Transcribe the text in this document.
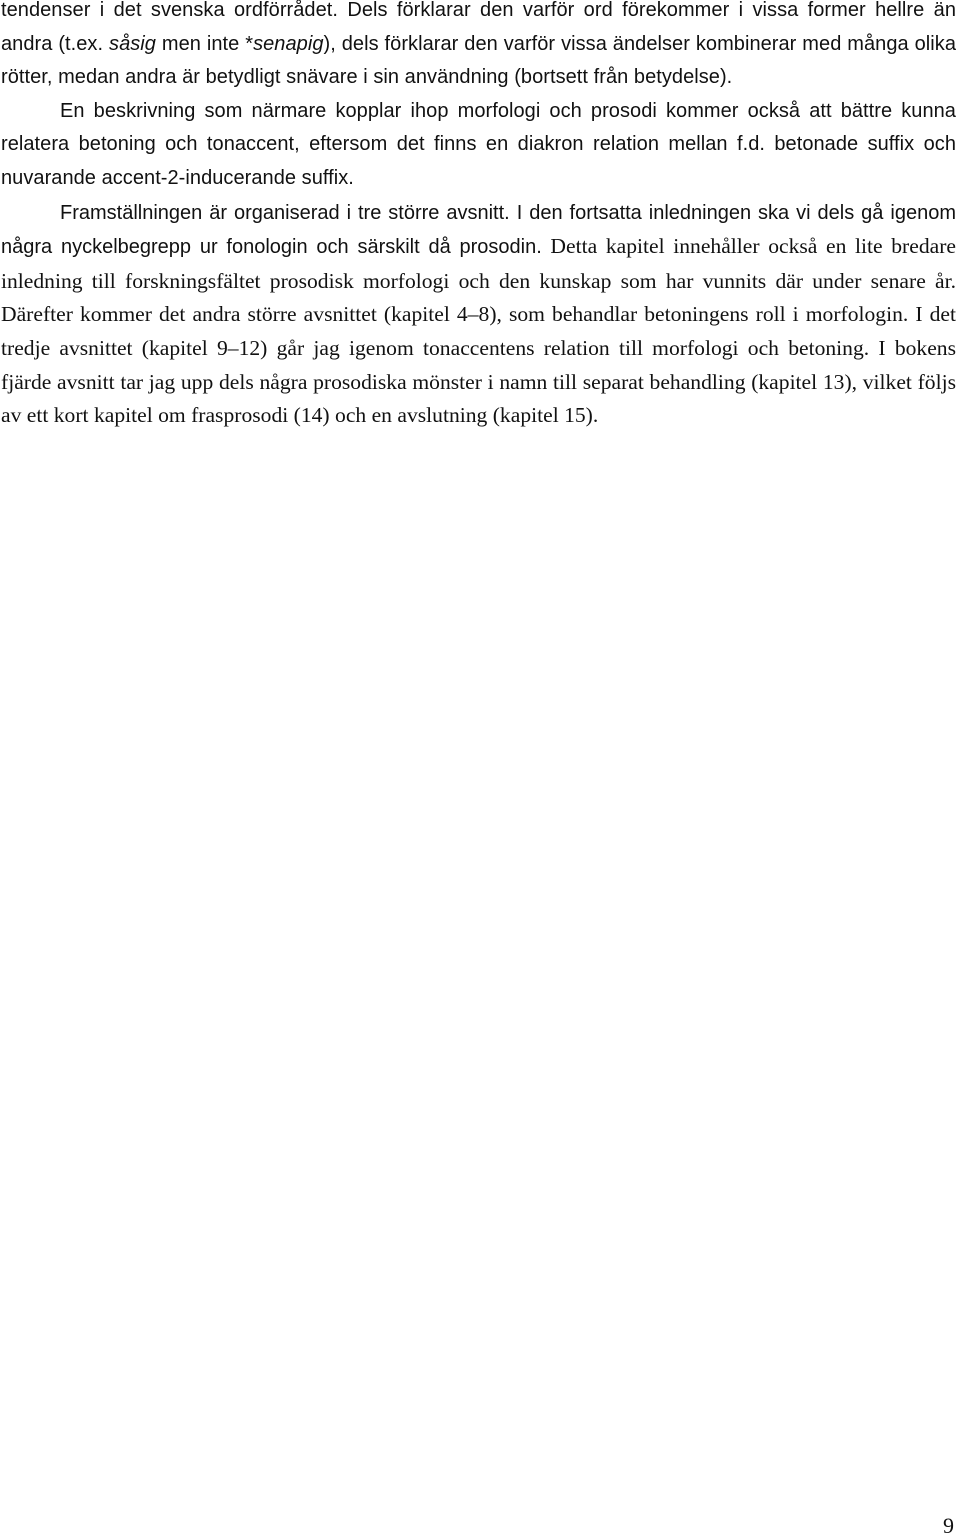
tendenser i det svenska ordförrådet. Dels förklarar den varför ord förekommer i vissa former hellre än andra (t.ex. såsig men inte *senapig), dels förklarar den varför vissa ändelser kombinerar med många olika rötter, medan andra är betydligt snävare i sin användning (bortsett från betydelse).

En beskrivning som närmare kopplar ihop morfologi och prosodi kommer också att bättre kunna relatera betoning och tonaccent, eftersom det finns en diakron relation mellan f.d. betonade suffix och nuvarande accent-2-inducerande suffix.

Framställningen är organiserad i tre större avsnitt. I den fortsatta inledningen ska vi dels gå igenom några nyckelbegrepp ur fonologin och särskilt då prosodin. Detta kapitel innehåller också en lite bredare inledning till forskningsfältet prosodisk morfologi och den kunskap som har vunnits där under senare år. Därefter kommer det andra större avsnittet (kapitel 4–8), som behandlar betoningens roll i morfologin. I det tredje avsnittet (kapitel 9–12) går jag igenom tonaccentens relation till morfologi och betoning. I bokens fjärde avsnitt tar jag upp dels några prosodiska mönster i namn till separat behandling (kapitel 13), vilket följs av ett kort kapitel om frasprosodi (14) och en avslutning (kapitel 15).

9
